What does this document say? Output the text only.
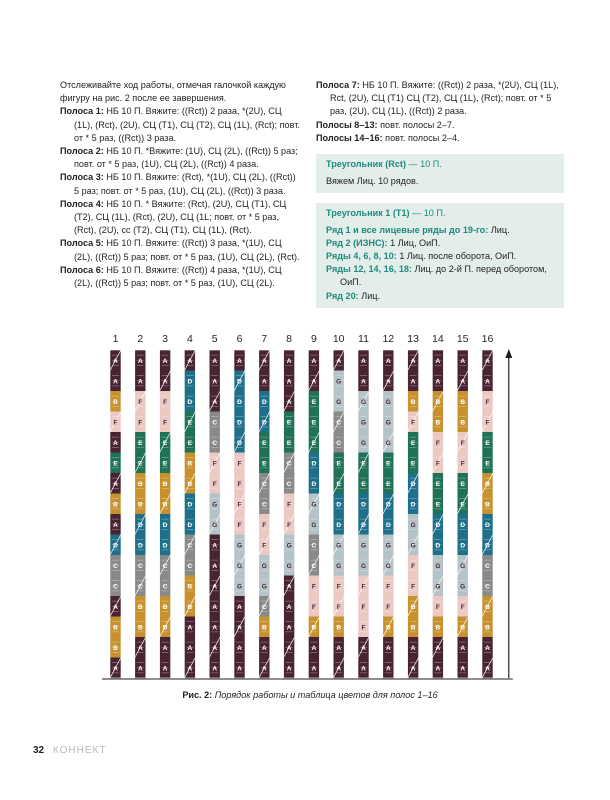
Отслеживайте ход работы, отмечая галочкой каждую фигуру на рис. 2 после ее завершения.

Полоса 1: НБ 10 П. Вяжите: ((Rct)) 2 раза, *(2U), СЦ (1L), (Rct), (2U), СЦ (T1), СЦ (T2), СЦ (1L), (Rct); повт. от * 5 раз, ((Rct)) 3 раза.

Полоса 2: НБ 10 П. *Вяжите: (1U), СЦ (2L), ((Rct)) 5 раз; повт. от * 5 раз, (1U), СЦ (2L), ((Rct)) 4 раза.

Полоса 3: НБ 10 П. Вяжите: (Rct), *(1U), СЦ (2L), ((Rct)) 5 раз; повт. от * 5 раз, (1U), СЦ (2L), ((Rct)) 3 раза.

Полоса 4: НБ 10 П. * Вяжите: (Rct), (2U), СЦ (T1), СЦ (T2), СЦ (1L), (Rct), (2U), СЦ (1L; повт. от * 5 раз, (Rct), (2U), сс (T2), СЦ (T1), СЦ (1L), (Rct).

Полоса 5: НБ 10 П. Вяжите: ((Rct)) 3 раза, *(1U), СЦ (2L), ((Rct)) 5 раз; повт. от * 5 раз, (1U), СЦ (2L), (Rct).

Полоса 6: НБ 10 П. Вяжите: ((Rct)) 4 раза, *(1U), СЦ (2L), ((Rct)) 5 раз; повт. от * 5 раз, (1U), СЦ (2L).

Полоса 7: НБ 10 П. Вяжите: ((Rct)) 2 раза, *(2U), СЦ (1L), Rct, (2U), СЦ (T1) СЦ (T2), СЦ (1L), (Rct); повт. от * 5 раз, (2U), СЦ (1L), ((Rct)) 2 раза.

Полосы 8–13: повт. полосы 2–7.

Полосы 14–16: повт. полосы 2–4.

Треугольник (Rct) — 10 П.

Вяжем Лиц. 10 рядов.

Треугольник 1 (T1) — 10 П.

Ряд 1 и все лицевые ряды до 19-го: Лиц.

Ряд 2 (ИЗНС): 1 Лиц, ОиП.

Ряды 4, 6, 8, 10: 1 Лиц. после оборота, ОиП.

Ряды 12, 14, 16, 18: Лиц. до 2-й П. перед оборотом, ОиП.

Ряд 20: Лиц.

1 2 3 4 5 6 7 8 9 10 11 12 13 14 15 16
A
A
B
F
A
E
A
B
A
D
C
C
A
B
B
A
A
A
F
F
E
E
B
B
D
D
C
C
B
B
A
A
A
A
F
F
E
E
B
B
D
D
C
C
B
B
A
A
A
D
D
E
E
B
B
D
D
C
C
B
B
A
A
A
A
A
A
C
C
F
F
G
G
A
A
A
A
A
A
A
A
D
D
D
D
F
F
F
F
G
G
G
A
A
A
A
A
A
D
D
E
E
C
C
F
F
G
G
C
B
A
A
A
A
A
E
E
C
C
F
F
G
G
A
A
A
A
A
A
A
E
E
E
D
D
G
G
C
C
F
F
B
A
A
A
G
G
C
C
E
E
D
D
G
G
F
F
B
A
A
A
A
G
G
G
E
E
D
D
G
G
F
F
F
A
A
A
A
G
G
G
E
E
D
D
G
G
F
F
B
A
A
A
A
B
F
E
E
D
D
G
G
F
F
B
B
A
A
A
A
B
B
F
F
E
E
D
D
G
G
F
B
A
A
A
A
B
B
F
F
E
E
D
D
G
G
F
B
A
A
A
A
F
F
E
E
B
B
D
D
C
C
B
B
A
A
Рис. 2: Порядок работы и таблица цветов для полос 1–16
32 КОННЕКТ
